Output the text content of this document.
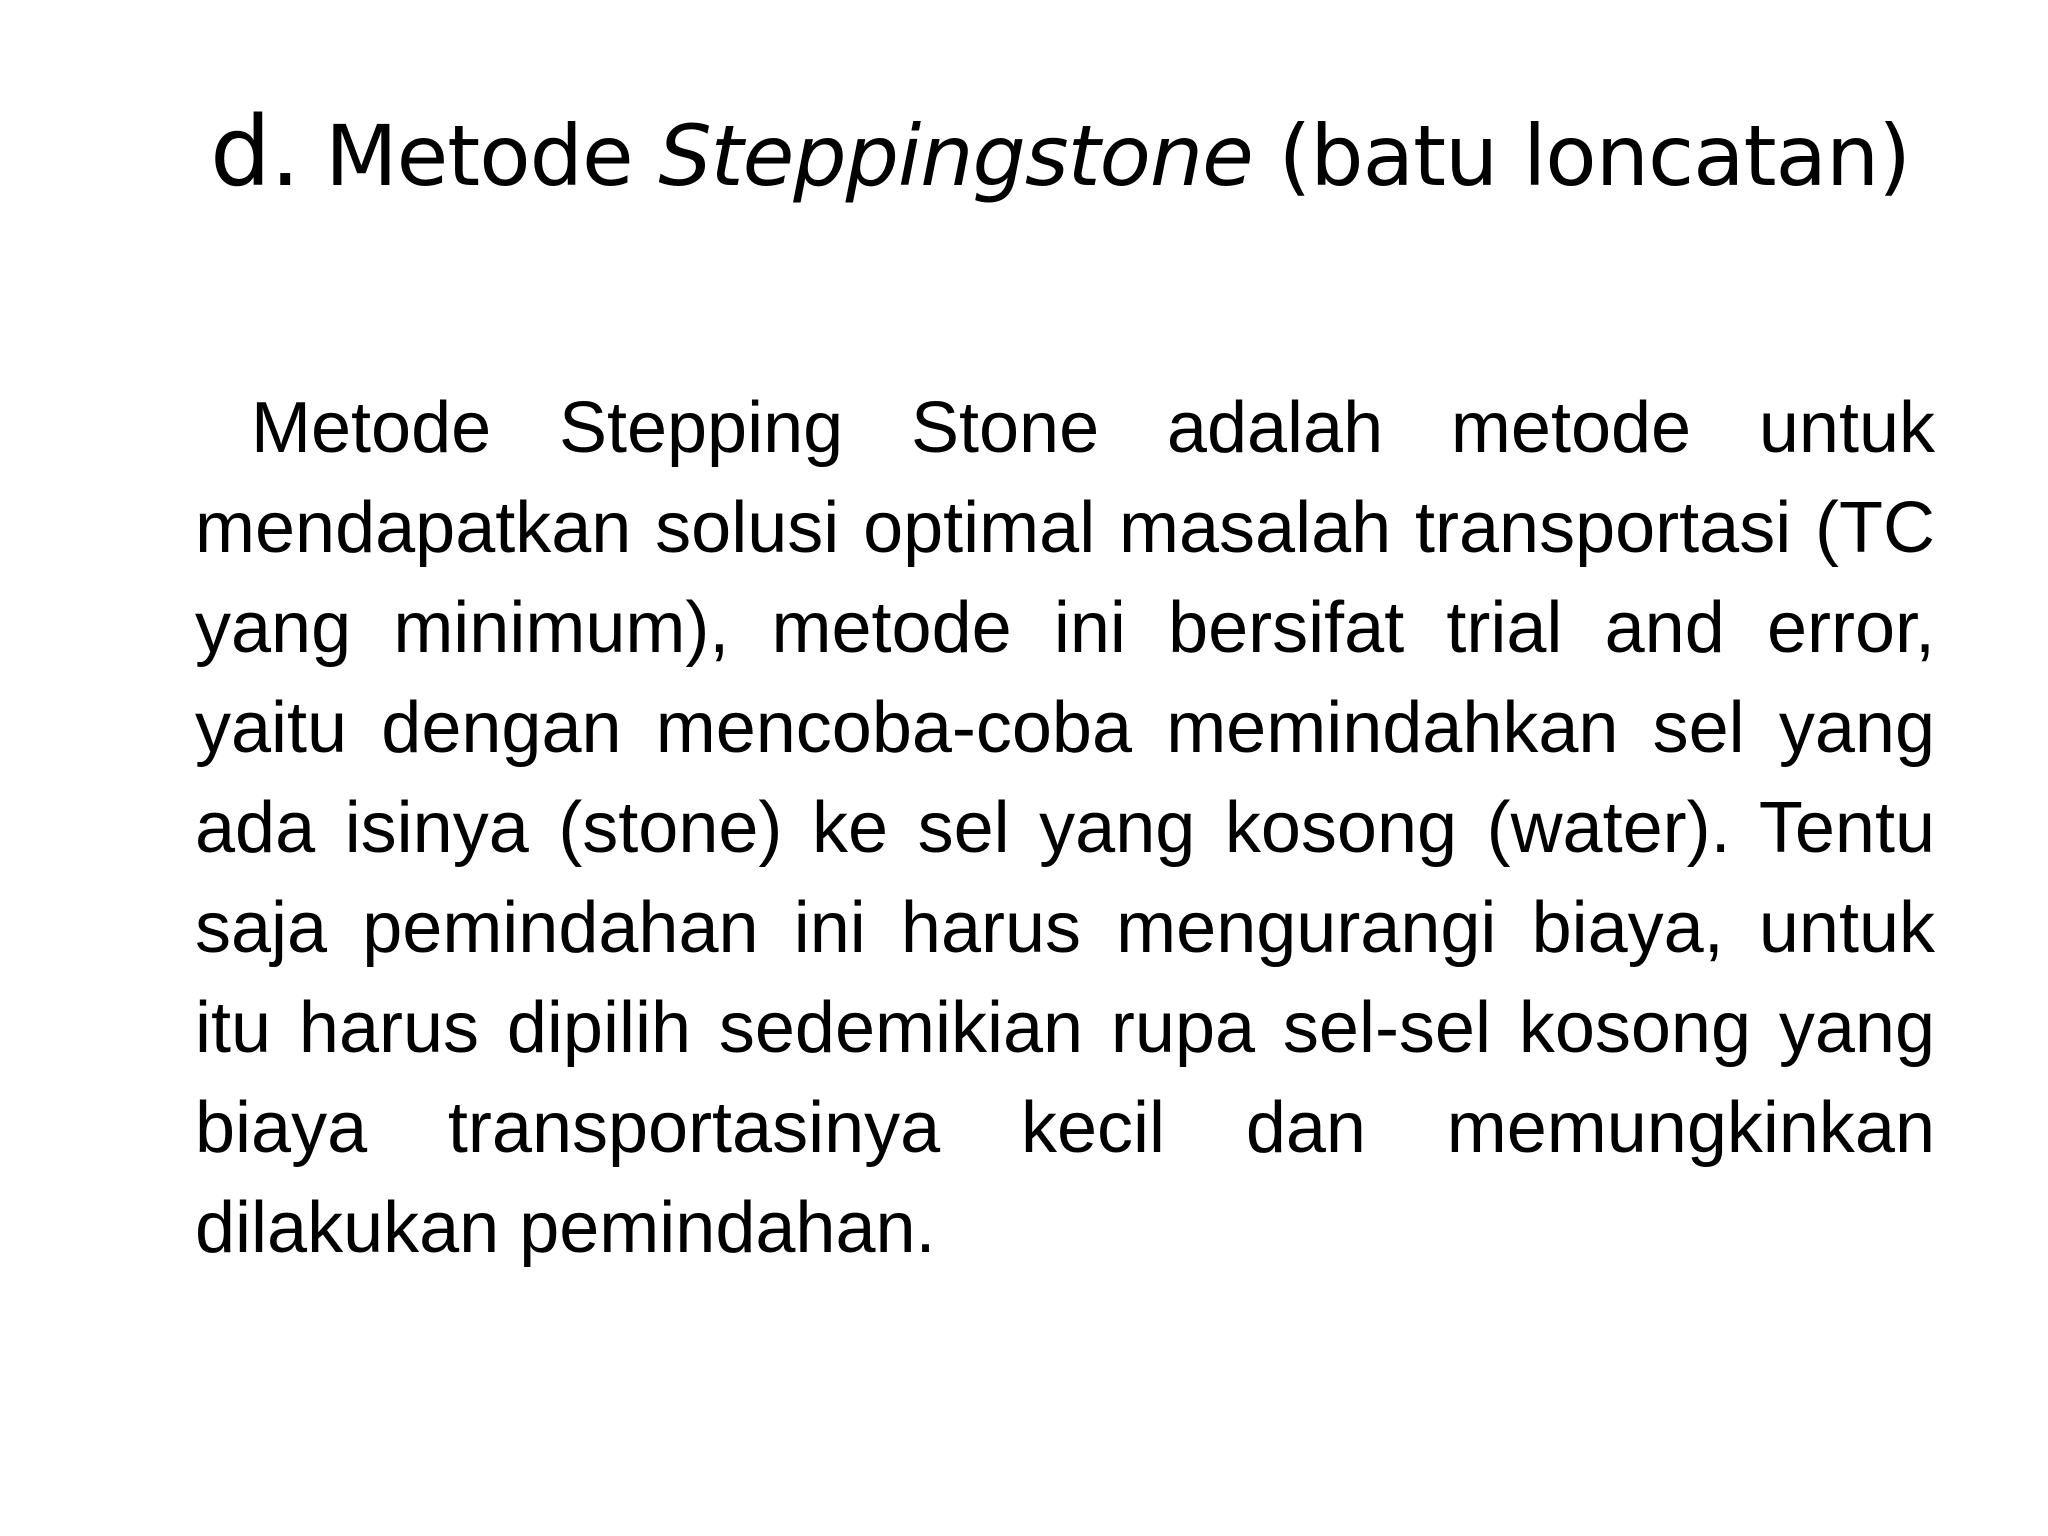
d. Metode Steppingstone (batu loncatan)

Metode Stepping Stone adalah metode untuk mendapatkan solusi optimal masalah transportasi (TC yang minimum), metode ini bersifat trial and error, yaitu dengan mencoba-coba memindahkan sel yang ada isinya (stone) ke sel yang kosong (water). Tentu saja pemindahan ini harus mengurangi biaya, untuk itu harus dipilih sedemikian rupa sel-sel kosong yang biaya transportasinya kecil dan memungkinkan dilakukan pemindahan.
